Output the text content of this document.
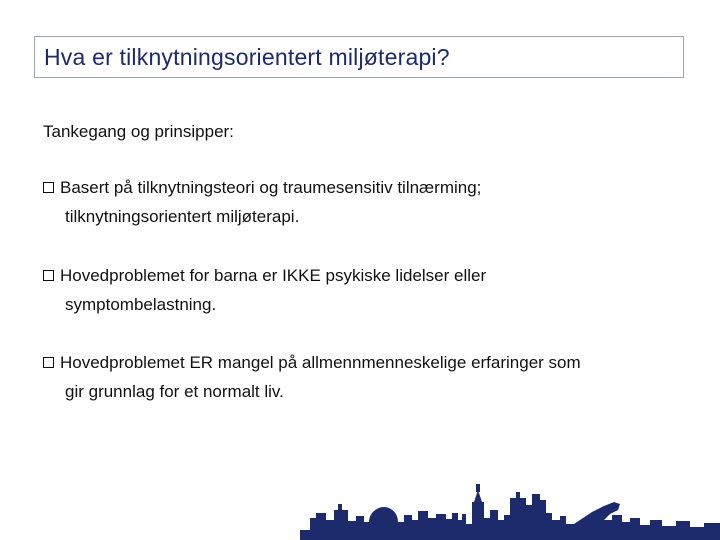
Hva er tilknytningsorientert miljøterapi?
Tankegang og prinsipper:
Basert på tilknytningsteori og traumesensitiv tilnærming;
tilknytningsorientert miljøterapi.
Hovedproblemet for barna er IKKE psykiske lidelser eller
symptombelastning.
Hovedproblemet ER mangel på allmennmenneskelige erfaringer som
gir grunnlag for et normalt liv.
